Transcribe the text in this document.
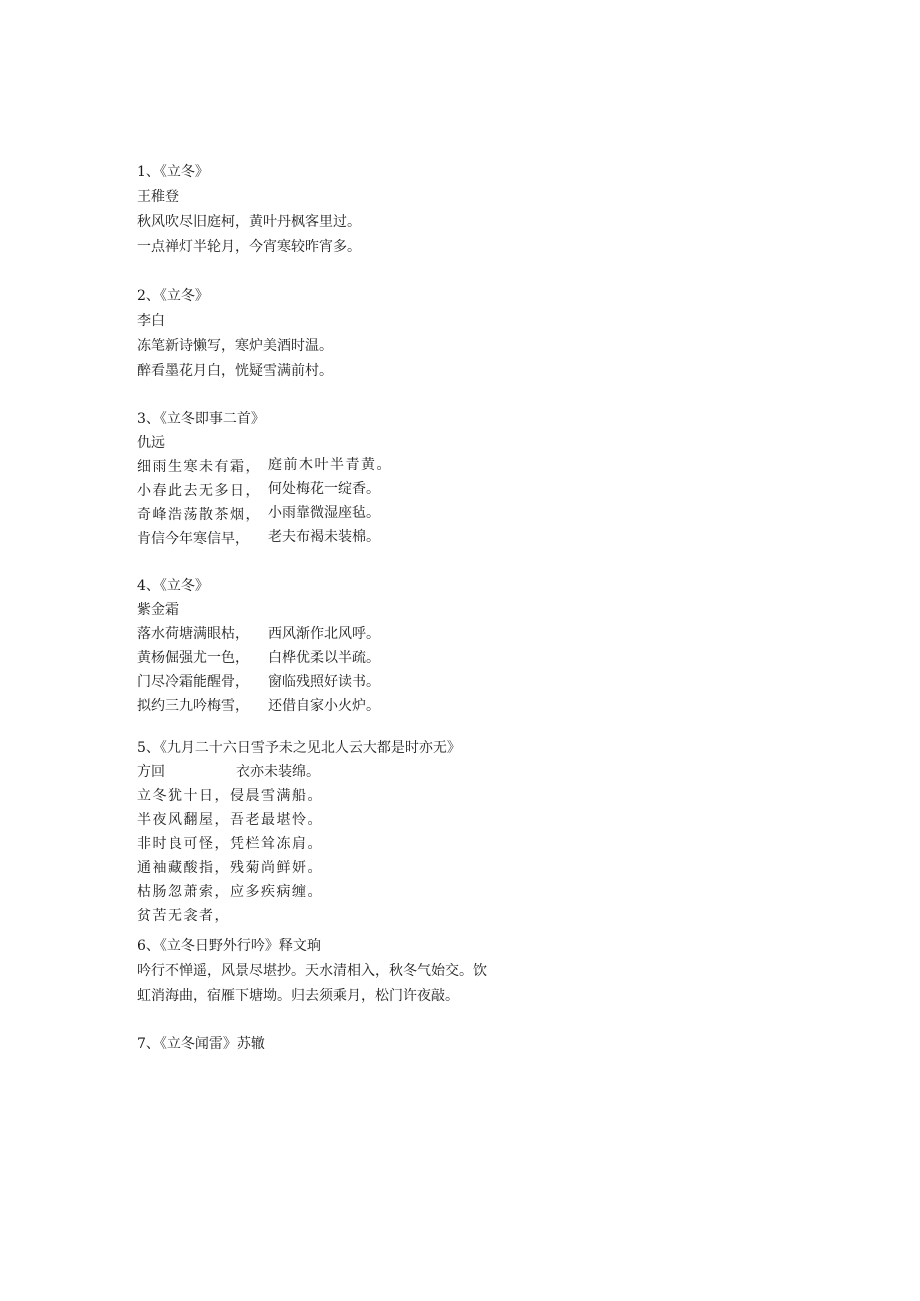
1、《立冬》
王稚登
秋风吹尽旧庭柯，黄叶丹枫客里过。
一点禅灯半轮月，今宵寒较昨宵多。
2、《立冬》
李白
冻笔新诗懒写，寒炉美酒时温。
醉看墨花月白，恍疑雪满前村。
3、《立冬即事二首》
仇远
细雨生寒未有霜， 庭前木叶半青黄。
小春此去无多日， 何处梅花一绽香。
奇峰浩荡散茶烟， 小雨靠微湿座毡。
肯信今年寒信早， 老夫布褐未装棉。
4、《立冬》
紫金霜
落水荷塘满眼枯， 西风渐作北风呼。
黄杨倔强尤一色， 白桦优柔以半疏。
门尽冷霜能醒骨， 窗临残照好读书。
拟约三九吟梅雪， 还借自家小火炉。
5、《九月二十六日雪予未之见北人云大都是时亦无》
方回	衣亦未装绵。
立冬犹十日，侵晨雪满船。
半夜风翻屋，吾老最堪怜。
非时良可怪，凭栏耸冻肩。
通袖藏酸指，残菊尚鲜妍。
枯肠忽萧索，应多疾病缠。
贫苦无衾者，
6、《立冬日野外行吟》释文珦
吟行不惮遥，风景尽堪抄。天水清相入，秋冬气始交。饮
虹消海曲，宿雁下塘坳。归去须乘月，松门许夜敲。
7、《立冬闻雷》苏辙
